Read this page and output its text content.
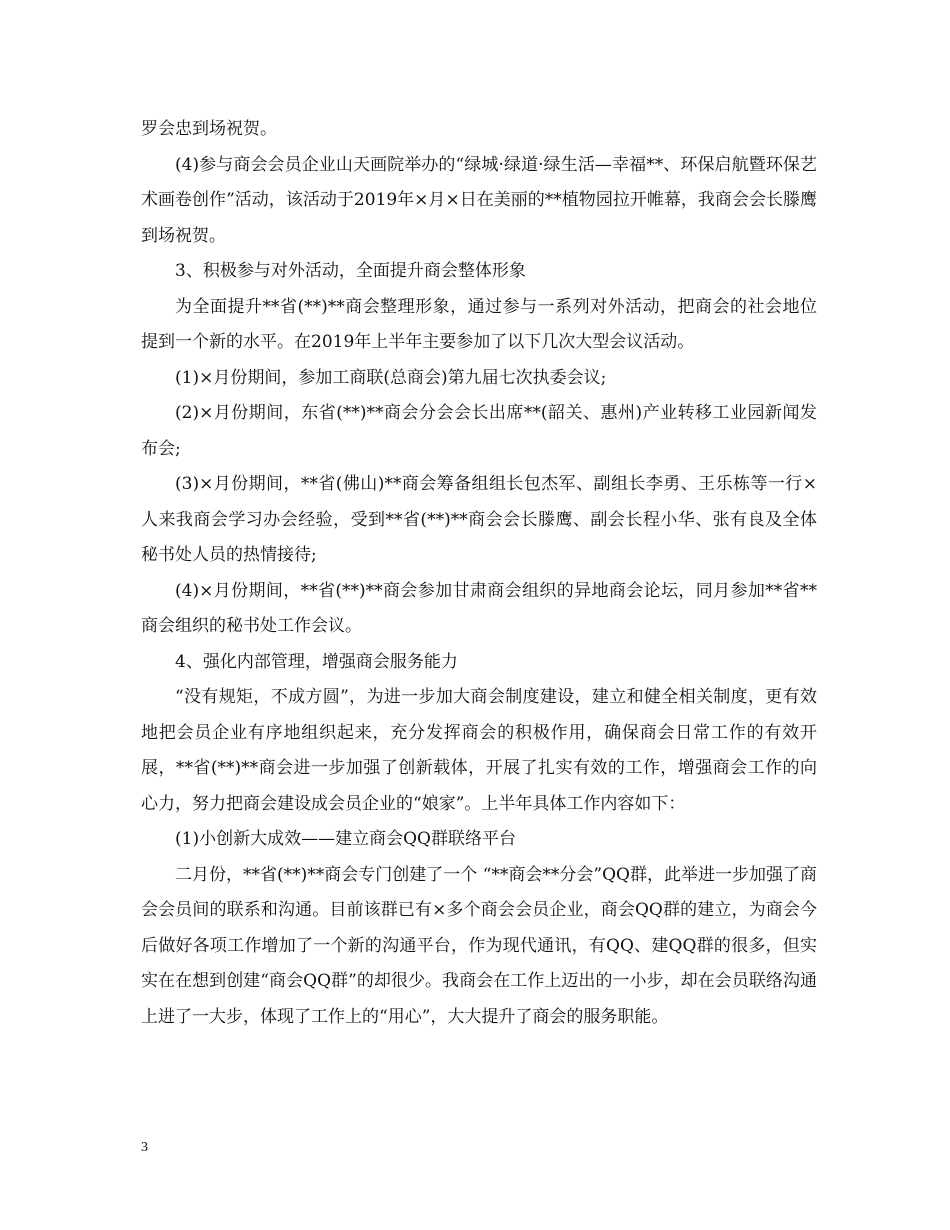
罗会忠到场祝贺。

(4)参与商会会员企业山天画院举办的“绿城·绿道·绿生活—幸福**、环保启航暨环保艺术画卷创作”活动，该活动于2019年×月×日在美丽的**植物园拉开帷幕，我商会会长滕鹰到场祝贺。

3、积极参与对外活动，全面提升商会整体形象

为全面提升**省(**)**商会整理形象，通过参与一系列对外活动，把商会的社会地位提到一个新的水平。在2019年上半年主要参加了以下几次大型会议活动。

(1)×月份期间，参加工商联(总商会)第九届七次执委会议;

(2)×月份期间，东省(**)**商会分会会长出席**(韶关、惠州)产业转移工业园新闻发布会;

(3)×月份期间，**省(佛山)**商会筹备组组长包杰军、副组长李勇、王乐栋等一行×人来我商会学习办会经验，受到**省(**)**商会会长滕鹰、副会长程小华、张有良及全体秘书处人员的热情接待;

(4)×月份期间，**省(**)**商会参加甘肃商会组织的异地商会论坛，同月参加**省**商会组织的秘书处工作会议。

4、强化内部管理，增强商会服务能力

“没有规矩，不成方圆”，为进一步加大商会制度建设，建立和健全相关制度，更有效地把会员企业有序地组织起来，充分发挥商会的积极作用，确保商会日常工作的有效开展，**省(**)**商会进一步加强了创新载体，开展了扎实有效的工作，增强商会工作的向心力，努力把商会建设成会员企业的“娘家”。上半年具体工作内容如下：

(1)小创新大成效——建立商会QQ群联络平台

二月份，**省(**)**商会专门创建了一个 “**商会**分会”QQ群，此举进一步加强了商会会员间的联系和沟通。目前该群已有×多个商会会员企业，商会QQ群的建立，为商会今后做好各项工作增加了一个新的沟通平台，作为现代通讯，有QQ、建QQ群的很多，但实实在在想到创建“商会QQ群”的却很少。我商会在工作上迈出的一小步，却在会员联络沟通上进了一大步，体现了工作上的“用心”，大大提升了商会的服务职能。

3
